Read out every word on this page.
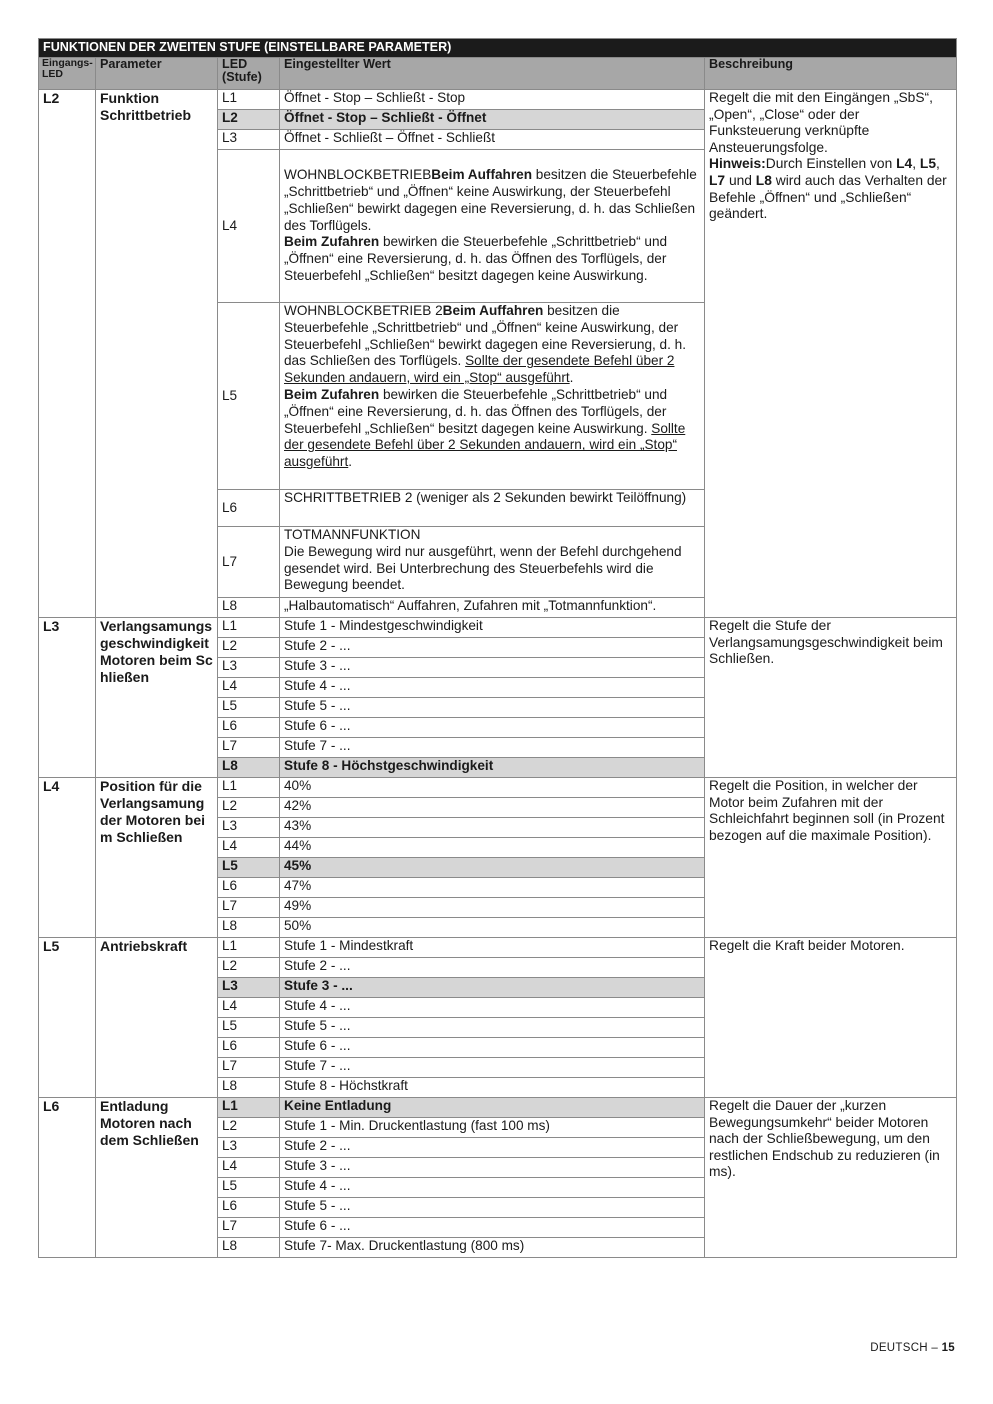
FUNKTIONEN DER ZWEITEN STUFE (EINSTELLBARE PARAMETER)				
Eingangs-LED	Parameter	LED (Stufe)	Eingestellter Wert	Beschreibung
L2	Funktion Schrittbetrieb	L1	Öffnet - Stop – Schließt - Stop	Regelt die mit den Eingängen „SbS“, „Open“, „Close“ oder der Funksteuerung verknüpfte Ansteuerungsfolge.
Hinweis:Durch Einstellen von L4, L5, L7 und L8 wird auch das Verhalten der Befehle „Öffnen“ und „Schließen“ geändert.
		L2	Öffnet - Stop – Schließt - Öffnet	
		L3	Öffnet - Schließt – Öffnet - Schließt	
		L4	WOHNBLOCKBETRIEBBeim Auffahren besitzen die Steuerbefehle „Schrittbetrieb“ und „Öffnen“ keine Auswirkung, der Steuerbefehl „Schließen“ bewirkt dagegen eine Reversierung, d. h. das Schließen des Torflügels.
Beim Zufahren bewirken die Steuerbefehle „Schrittbetrieb“ und „Öffnen“ eine Reversierung, d. h. das Öffnen des Torflügels, der Steuerbefehl „Schließen“ besitzt dagegen keine Auswirkung.	
		L5	WOHNBLOCKBETRIEB 2Beim Auffahren besitzen die Steuerbefehle „Schrittbetrieb“ und „Öffnen“ keine Auswirkung, der Steuerbefehl „Schließen“ bewirkt dagegen eine Reversierung, d. h. das Schließen des Torflügels. Sollte der gesendete Befehl über 2 Sekunden andauern, wird ein „Stop“ ausgeführt.
Beim Zufahren bewirken die Steuerbefehle „Schrittbetrieb“ und „Öffnen“ eine Reversierung, d. h. das Öffnen des Torflügels, der Steuerbefehl „Schließen“ besitzt dagegen keine Auswirkung. Sollte der gesendete Befehl über 2 Sekunden andauern, wird ein „Stop“ ausgeführt.	
		L6	SCHRITTBETRIEB 2 (weniger als 2 Sekunden bewirkt Teilöffnung)	
		L7	TOTMANNFUNKTION
Die Bewegung wird nur ausgeführt, wenn der Befehl durchgehend gesendet wird. Bei Unterbrechung des Steuerbefehls wird die Bewegung beendet.	
		L8	„Halbautomatisch“ Auffahren, Zufahren mit „Totmannfunktion“.	
L3	Verlangsamungsgeschwindigkeit Motoren beim Schließen	L1	Stufe 1 - Mindestgeschwindigkeit	Regelt die Stufe der Verlangsamungsgeschwindigkeit beim Schließen.
		L2	Stufe 2 - ...	
		L3	Stufe 3 - ...	
		L4	Stufe 4 - ...	
		L5	Stufe 5 - ...	
		L6	Stufe 6 - ...	
		L7	Stufe 7 - ...	
		L8	Stufe 8 - Höchstgeschwindigkeit	
L4	Position für die Verlangsamung der Motoren beim Schließen	L1	40%	Regelt die Position, in welcher der Motor beim Zufahren mit der Schleichfahrt beginnen soll (in Prozent bezogen auf die maximale Position).
		L2	42%	
		L3	43%	
		L4	44%	
		L5	45%	
		L6	47%	
		L7	49%	
		L8	50%	
L5	Antriebskraft	L1	Stufe 1 - Mindestkraft	Regelt die Kraft beider Motoren.
		L2	Stufe 2 - ...	
		L3	Stufe 3 - ...	
		L4	Stufe 4 - ...	
		L5	Stufe 5 - ...	
		L6	Stufe 6 - ...	
		L7	Stufe 7 - ...	
		L8	Stufe 8 - Höchstkraft	
L6	Entladung Motoren nach dem Schließen	L1	Keine Entladung	Regelt die Dauer der „kurzen Bewegungsumkehr“ beider Motoren nach der Schließbewegung, um den restlichen Endschub zu reduzieren (in ms).
		L2	Stufe 1 - Min. Druckentlastung (fast 100 ms)	
		L3	Stufe 2 - ...	
		L4	Stufe 3 - ...	
		L5	Stufe 4 - ...	
		L6	Stufe 5 - ...	
		L7	Stufe 6 - ...	
		L8	Stufe 7- Max. Druckentlastung (800 ms)	
DEUTSCH – 15
